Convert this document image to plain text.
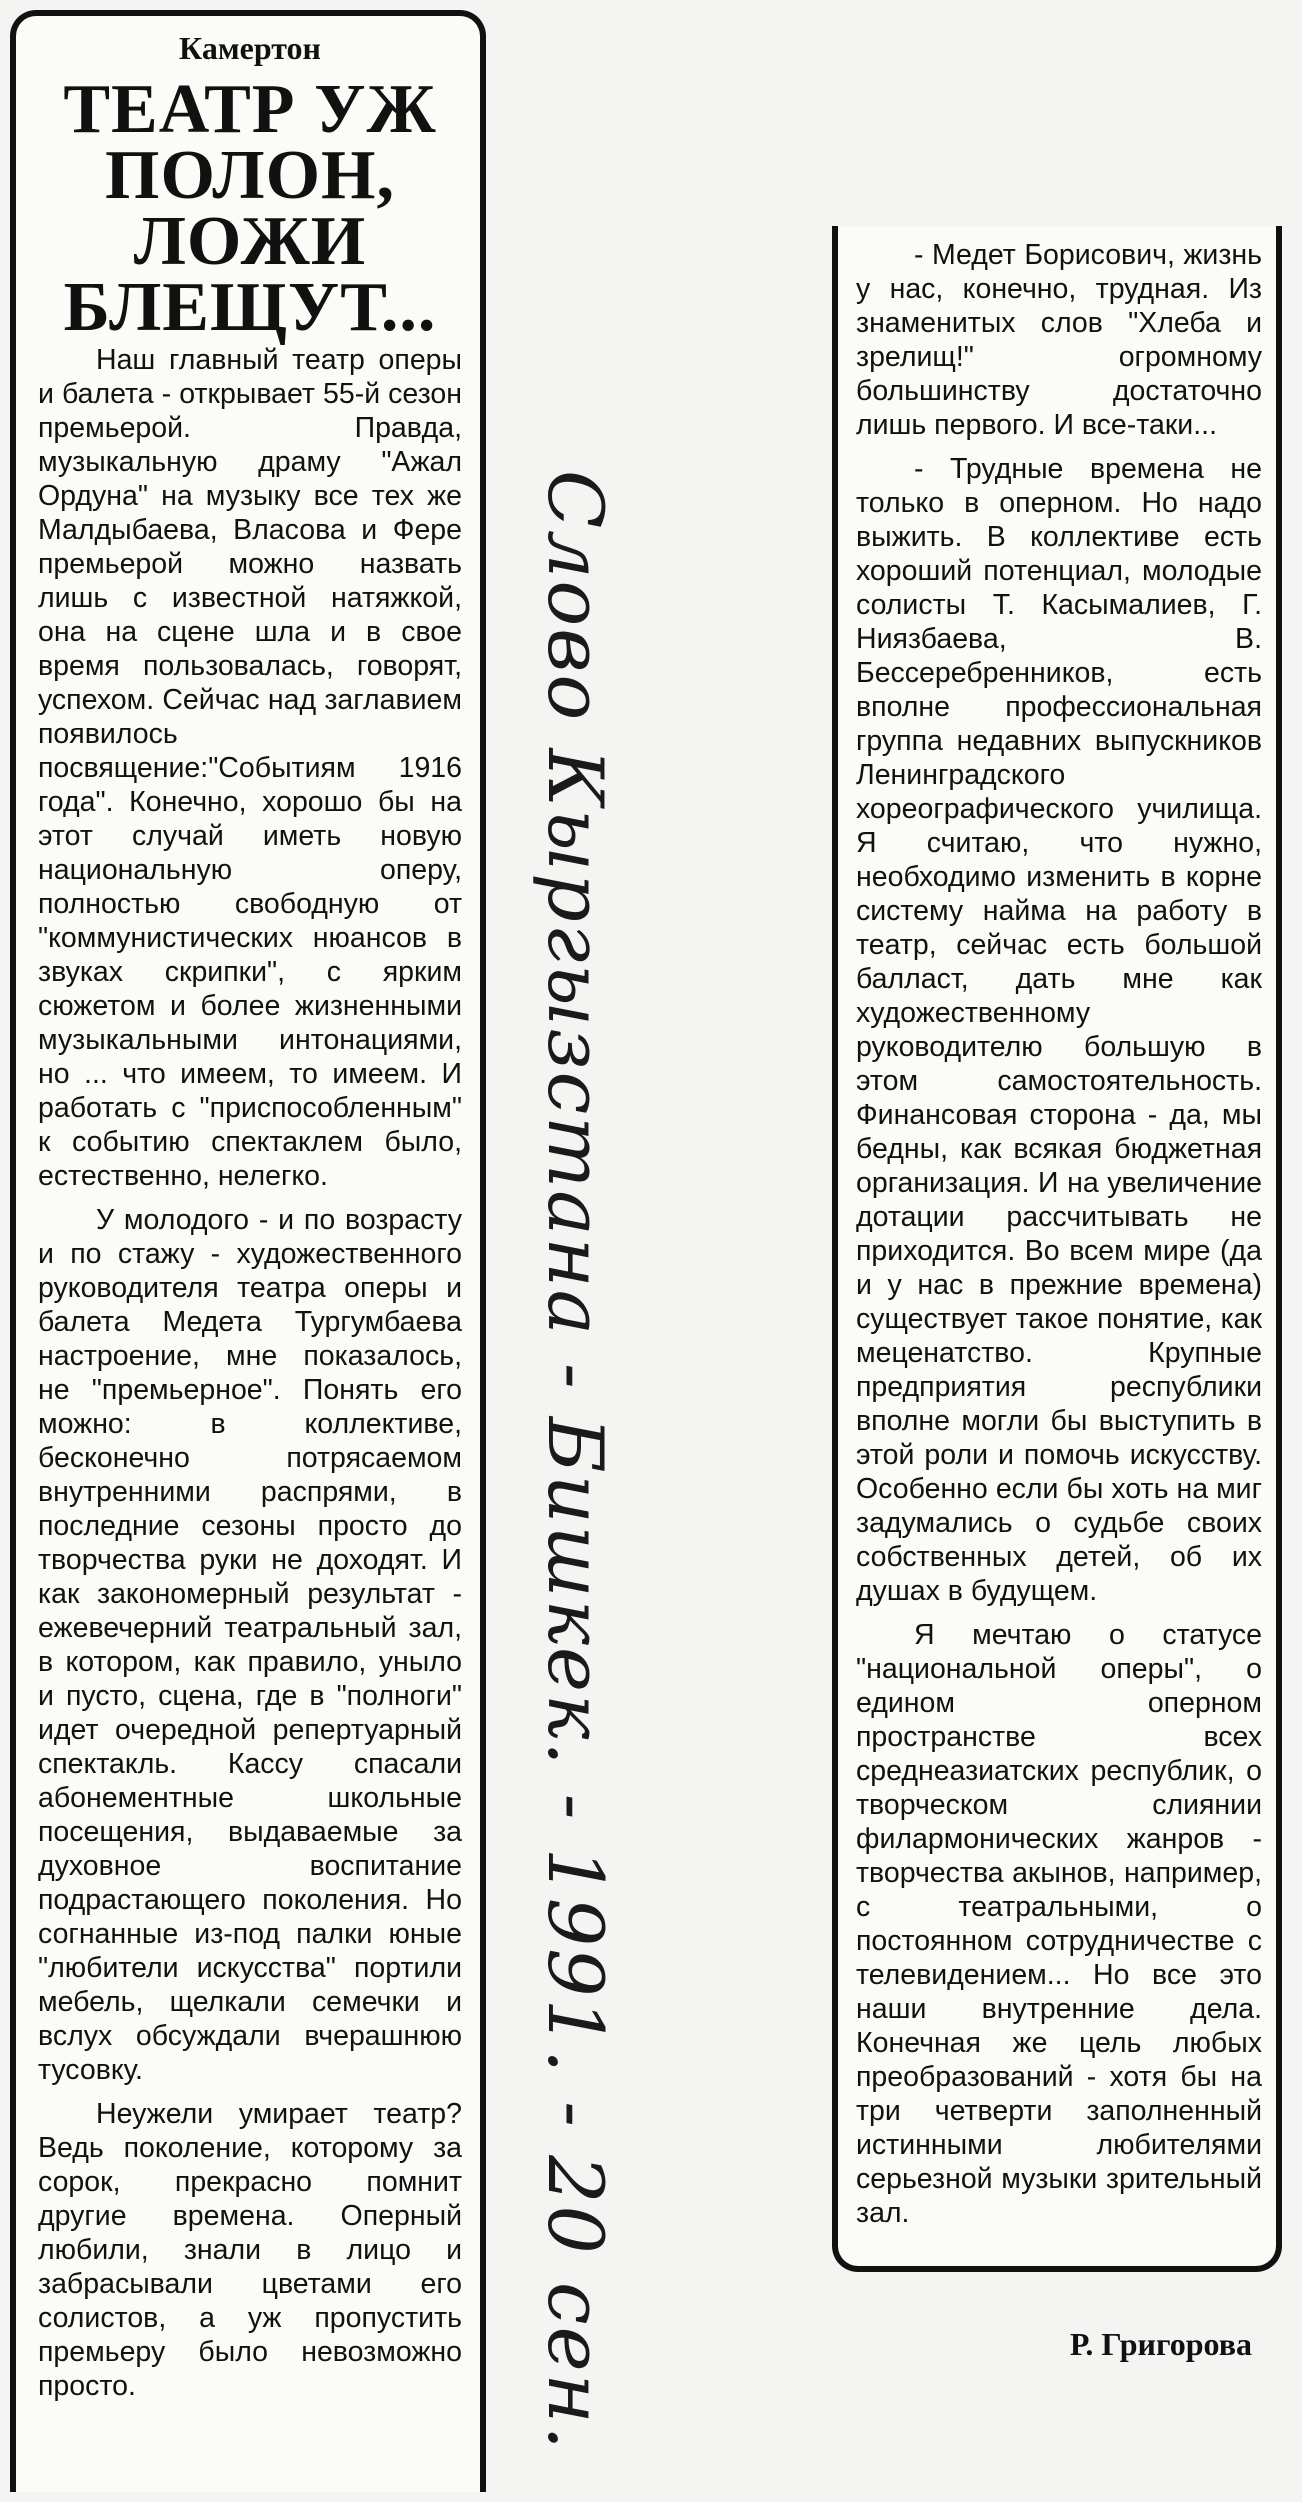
Камертон
ТЕАТР УЖ
ПОЛОН,
ЛОЖИ
БЛЕЩУТ...

Наш главный театр оперы и балета - открывает 55-й сезон премьерой. Правда, музыкальную драму "Ажал Ордуна" на музыку все тех же Малдыбаева, Власова и Фере премьерой можно назвать лишь с известной натяжкой, она на сцене шла и в свое время пользовалась, говорят, успехом. Сейчас над заглавием появилось посвящение:"Событиям 1916 года". Конечно, хорошо бы на этот случай иметь новую национальную оперу, полностью свободную от "коммунистических нюансов в звуках скрипки", с ярким сюжетом и более жизненными музыкальными интонациями, но ... что имеем, то имеем. И работать с "приспособленным" к событию спектаклем было, естественно, нелегко.

У молодого - и по возрасту и по стажу - художественного руководителя театра оперы и балета Медета Тургумбаева настроение, мне показалось, не "премьерное". Понять его можно: в коллективе, бесконечно потрясаемом внутренними распрями, в последние сезоны просто до творчества руки не доходят. И как закономерный результат - ежевечерний театральный зал, в котором, как правило, уныло и пусто, сцена, где в "полноги" идет очередной репертуарный спектакль. Кассу спасали абонементные школьные посещения, выдаваемые за духовное воспитание подрастающего поколения. Но согнанные из-под палки юные "любители искусства" портили мебель, щелкали семечки и вслух обсуждали вчерашнюю тусовку.

Неужели умирает театр? Ведь поколение, которому за сорок, прекрасно помнит другие времена. Оперный любили, знали в лицо и забрасывали цветами его солистов, а уж пропустить премьеру было невозможно просто.	Слово Кыргызстана - Бишкек. - 1991. - 20 сен.

- Медет Борисович, жизнь у нас, конечно, трудная. Из знаменитых слов "Хлеба и зрелищ!" огромному большинству достаточно лишь первого. И все-таки...

- Трудные времена не только в оперном. Но надо выжить. В коллективе есть хороший потенциал, молодые солисты Т. Касымалиев, Г. Ниязбаева, В. Бессеребренников, есть вполне профессиональная группа недавних выпускников Ленинградского хореографического училища. Я считаю, что нужно, необходимо изменить в корне систему найма на работу в театр, сейчас есть большой балласт, дать мне как художественному руководителю большую в этом самостоятельность. Финансовая сторона - да, мы бедны, как всякая бюджетная организация. И на увеличение дотации рассчитывать не приходится. Во всем мире (да и у нас в прежние времена) существует такое понятие, как меценатство. Крупные предприятия республики вполне могли бы выступить в этой роли и помочь искусству. Особенно если бы хоть на миг задумались о судьбе своих собственных детей, об их душах в будущем.

Я мечтаю о статусе "национальной оперы", о едином оперном пространстве всех среднеазиатских республик, о творческом слиянии филармонических жанров - творчества акынов, например, с театральными, о постоянном сотрудничестве с телевидением... Но все это наши внутренние дела. Конечная же цель любых преобразований - хотя бы на три четверти заполненный истинными любителями серьезной музыки зрительный зал.

Р. Григорова
